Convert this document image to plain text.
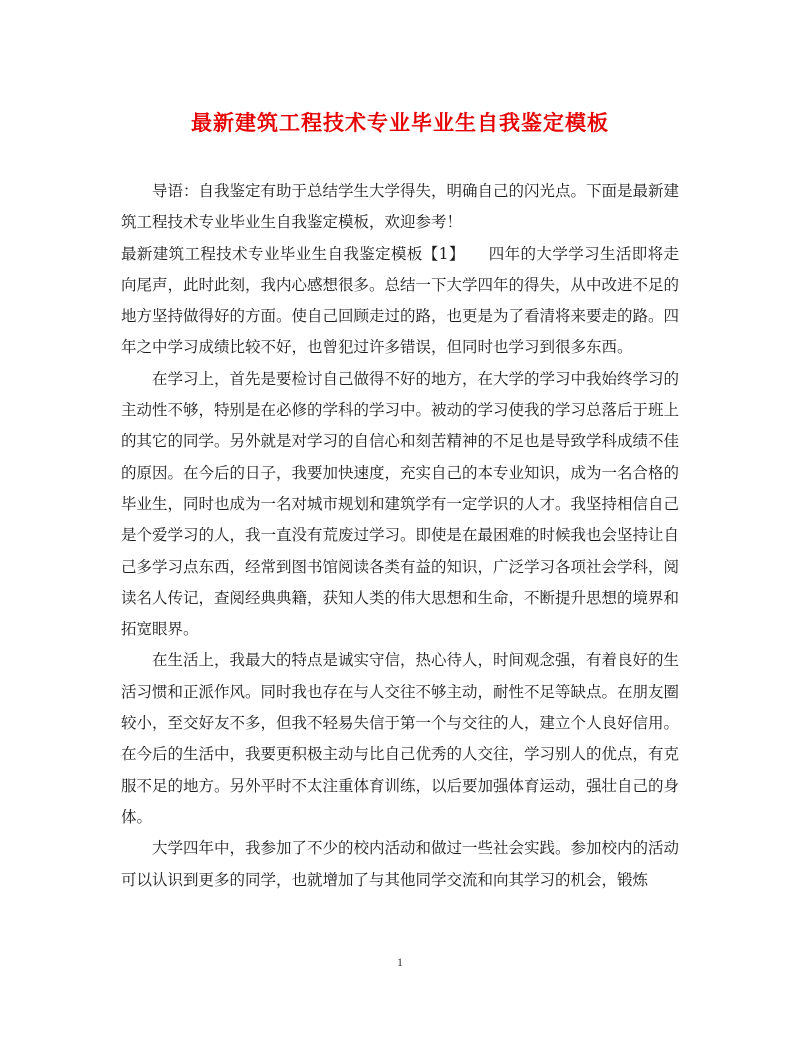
最新建筑工程技术专业毕业生自我鉴定模板

导语：自我鉴定有助于总结学生大学得失，明确自己的闪光点。下面是最新建筑工程技术专业毕业生自我鉴定模板，欢迎参考！

最新建筑工程技术专业毕业生自我鉴定模板【1】　　四年的大学学习生活即将走向尾声，此时此刻，我内心感想很多。总结一下大学四年的得失，从中改进不足的地方坚持做得好的方面。使自己回顾走过的路，也更是为了看清将来要走的路。四年之中学习成绩比较不好，也曾犯过许多错误，但同时也学习到很多东西。

在学习上，首先是要检讨自己做得不好的地方，在大学的学习中我始终学习的主动性不够，特别是在必修的学科的学习中。被动的学习使我的学习总落后于班上的其它的同学。另外就是对学习的自信心和刻苦精神的不足也是导致学科成绩不佳的原因。在今后的日子，我要加快速度，充实自己的本专业知识，成为一名合格的毕业生，同时也成为一名对城市规划和建筑学有一定学识的人才。我坚持相信自己是个爱学习的人，我一直没有荒废过学习。即使是在最困难的时候我也会坚持让自己多学习点东西，经常到图书馆阅读各类有益的知识，广泛学习各项社会学科，阅读名人传记，查阅经典典籍，获知人类的伟大思想和生命，不断提升思想的境界和拓宽眼界。

在生活上，我最大的特点是诚实守信，热心待人，时间观念强，有着良好的生活习惯和正派作风。同时我也存在与人交往不够主动，耐性不足等缺点。在朋友圈较小，至交好友不多，但我不轻易失信于第一个与交往的人，建立个人良好信用。在今后的生活中，我要更积极主动与比自己优秀的人交往，学习别人的优点，有克服不足的地方。另外平时不太注重体育训练，以后要加强体育运动，强壮自己的身体。

大学四年中，我参加了不少的校内活动和做过一些社会实践。参加校内的活动可以认识到更多的同学，也就增加了与其他同学交流和向其学习的机会，锻炼

1
